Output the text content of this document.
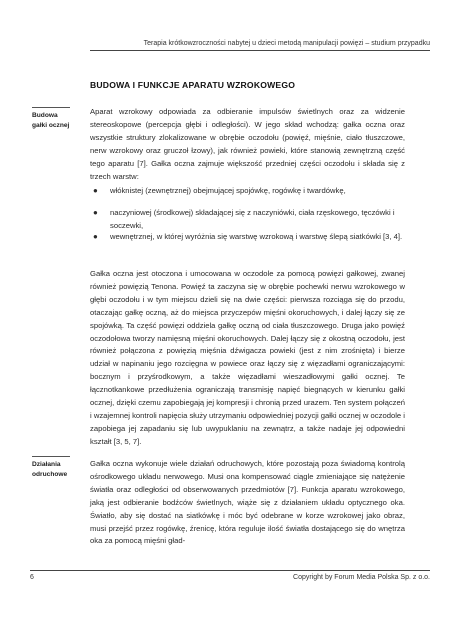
Terapia krótkowzroczności nabytej u dzieci metodą manipulacji powięzi – studium przypadku
BUDOWA I FUNKCJE APARATU WZROKOWEGO
Budowa gałki ocznej

Aparat wzrokowy odpowiada za odbieranie impulsów świetlnych oraz za widzenie stereoskopowe (percepcja głębi i odległości). W jego skład wchodzą: gałka oczna oraz wszystkie struktury zlokalizowane w obrębie oczodołu (powięź, mięśnie, ciało tłuszczowe, nerw wzrokowy oraz gruczoł łzowy), jak również powieki, które stanowią zewnętrzną część tego aparatu [7]. Gałka oczna zajmuje większość przedniej części oczodołu i składa się z trzech warstw:

● włóknistej (zewnętrznej) obejmującej spojówkę, rogówkę i twardówkę,
● naczyniowej (środkowej) składającej się z naczyniówki, ciała rzęskowego, tęczówki i soczewki,
● wewnętrznej, w której wyróżnia się warstwę wzrokową i warstwę ślepą siatkówki [3, 4].

Gałka oczna jest otoczona i umocowana w oczodole za pomocą powięzi gałkowej, zwanej również powięzią Tenona. Powięź ta zaczyna się w obrębie pochewki nerwu wzrokowego w głębi oczodołu i w tym miejscu dzieli się na dwie części: pierwsza rozciąga się do przodu, otaczając gałkę oczną, aż do miejsca przyczepów mięśni okoruchowych, i dalej łączy się ze spojówką. Ta część powięzi oddziela gałkę oczną od ciała tłuszczowego. Druga jako powięź oczodołowa tworzy namięsną mięśni okoruchowych. Dalej łączy się z okostną oczodołu, jest również połączona z powięzią mięśnia dźwigacza powieki (jest z nim zrośnięta) i bierze udział w napinaniu jego rozcięgna w powiece oraz łączy się z więzadłami ograniczającymi: bocznym i przyśrodkowym, a także więzadłami wieszadłowymi gałki ocznej. Te łącznotkankowe przedłużenia ograniczają transmisję napięć biegnących w kierunku gałki ocznej, dzięki czemu zapobiegają jej kompresji i chronią przed urazem. Ten system połączeń i wzajemnej kontroli napięcia służy utrzymaniu odpowiedniej pozycji gałki ocznej w oczodole i zapobiega jej zapadaniu się lub uwypuklaniu na zewnątrz, a także nadaje jej odpowiedni kształt [3, 5, 7].

Działania odruchowe

Gałka oczna wykonuje wiele działań odruchowych, które pozostają poza świadomą kontrolą ośrodkowego układu nerwowego. Musi ona kompensować ciągle zmieniające się natężenie światła oraz odległości od obserwowanych przedmiotów [7]. Funkcja aparatu wzrokowego, jaką jest odbieranie bodźców świetlnych, wiąże się z działaniem układu optycznego oka. Światło, aby się dostać na siatkówkę i móc być odebrane w korze wzrokowej jako obraz, musi przejść przez rogówkę, źrenicę, która reguluje ilość światła dostającego się do wnętrza oka za pomocą mięśni gład-

6	Copyright by Forum Media Polska Sp. z o.o.
